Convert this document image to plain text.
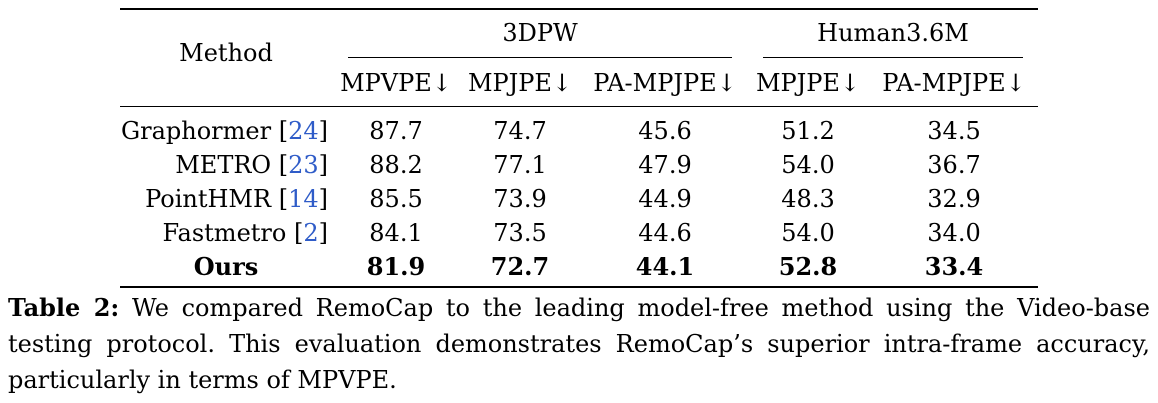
Method
3DPW	Human3.6M
MPVPE↓ MPJPE↓ PA-MPJPE↓ MPJPE↓ PA-MPJPE↓
Graphormer [24] 87.7	74.7	45.6	51.2	34.5
METRO [23] 88.2	77.1	47.9	54.0	36.7
PointHMR [14] 85.5	73.9	44.9	48.3	32.9
Fastmetro [2] 84.1	73.5	44.6	54.0	34.0
Ours	81.9	72.7	44.1	52.8	33.4
Table 2: We compared RemoCap to the leading model-free method using the Video-base testing protocol. This evaluation demonstrates RemoCap’s superior intra-frame accuracy, particularly in terms of MPVPE.
